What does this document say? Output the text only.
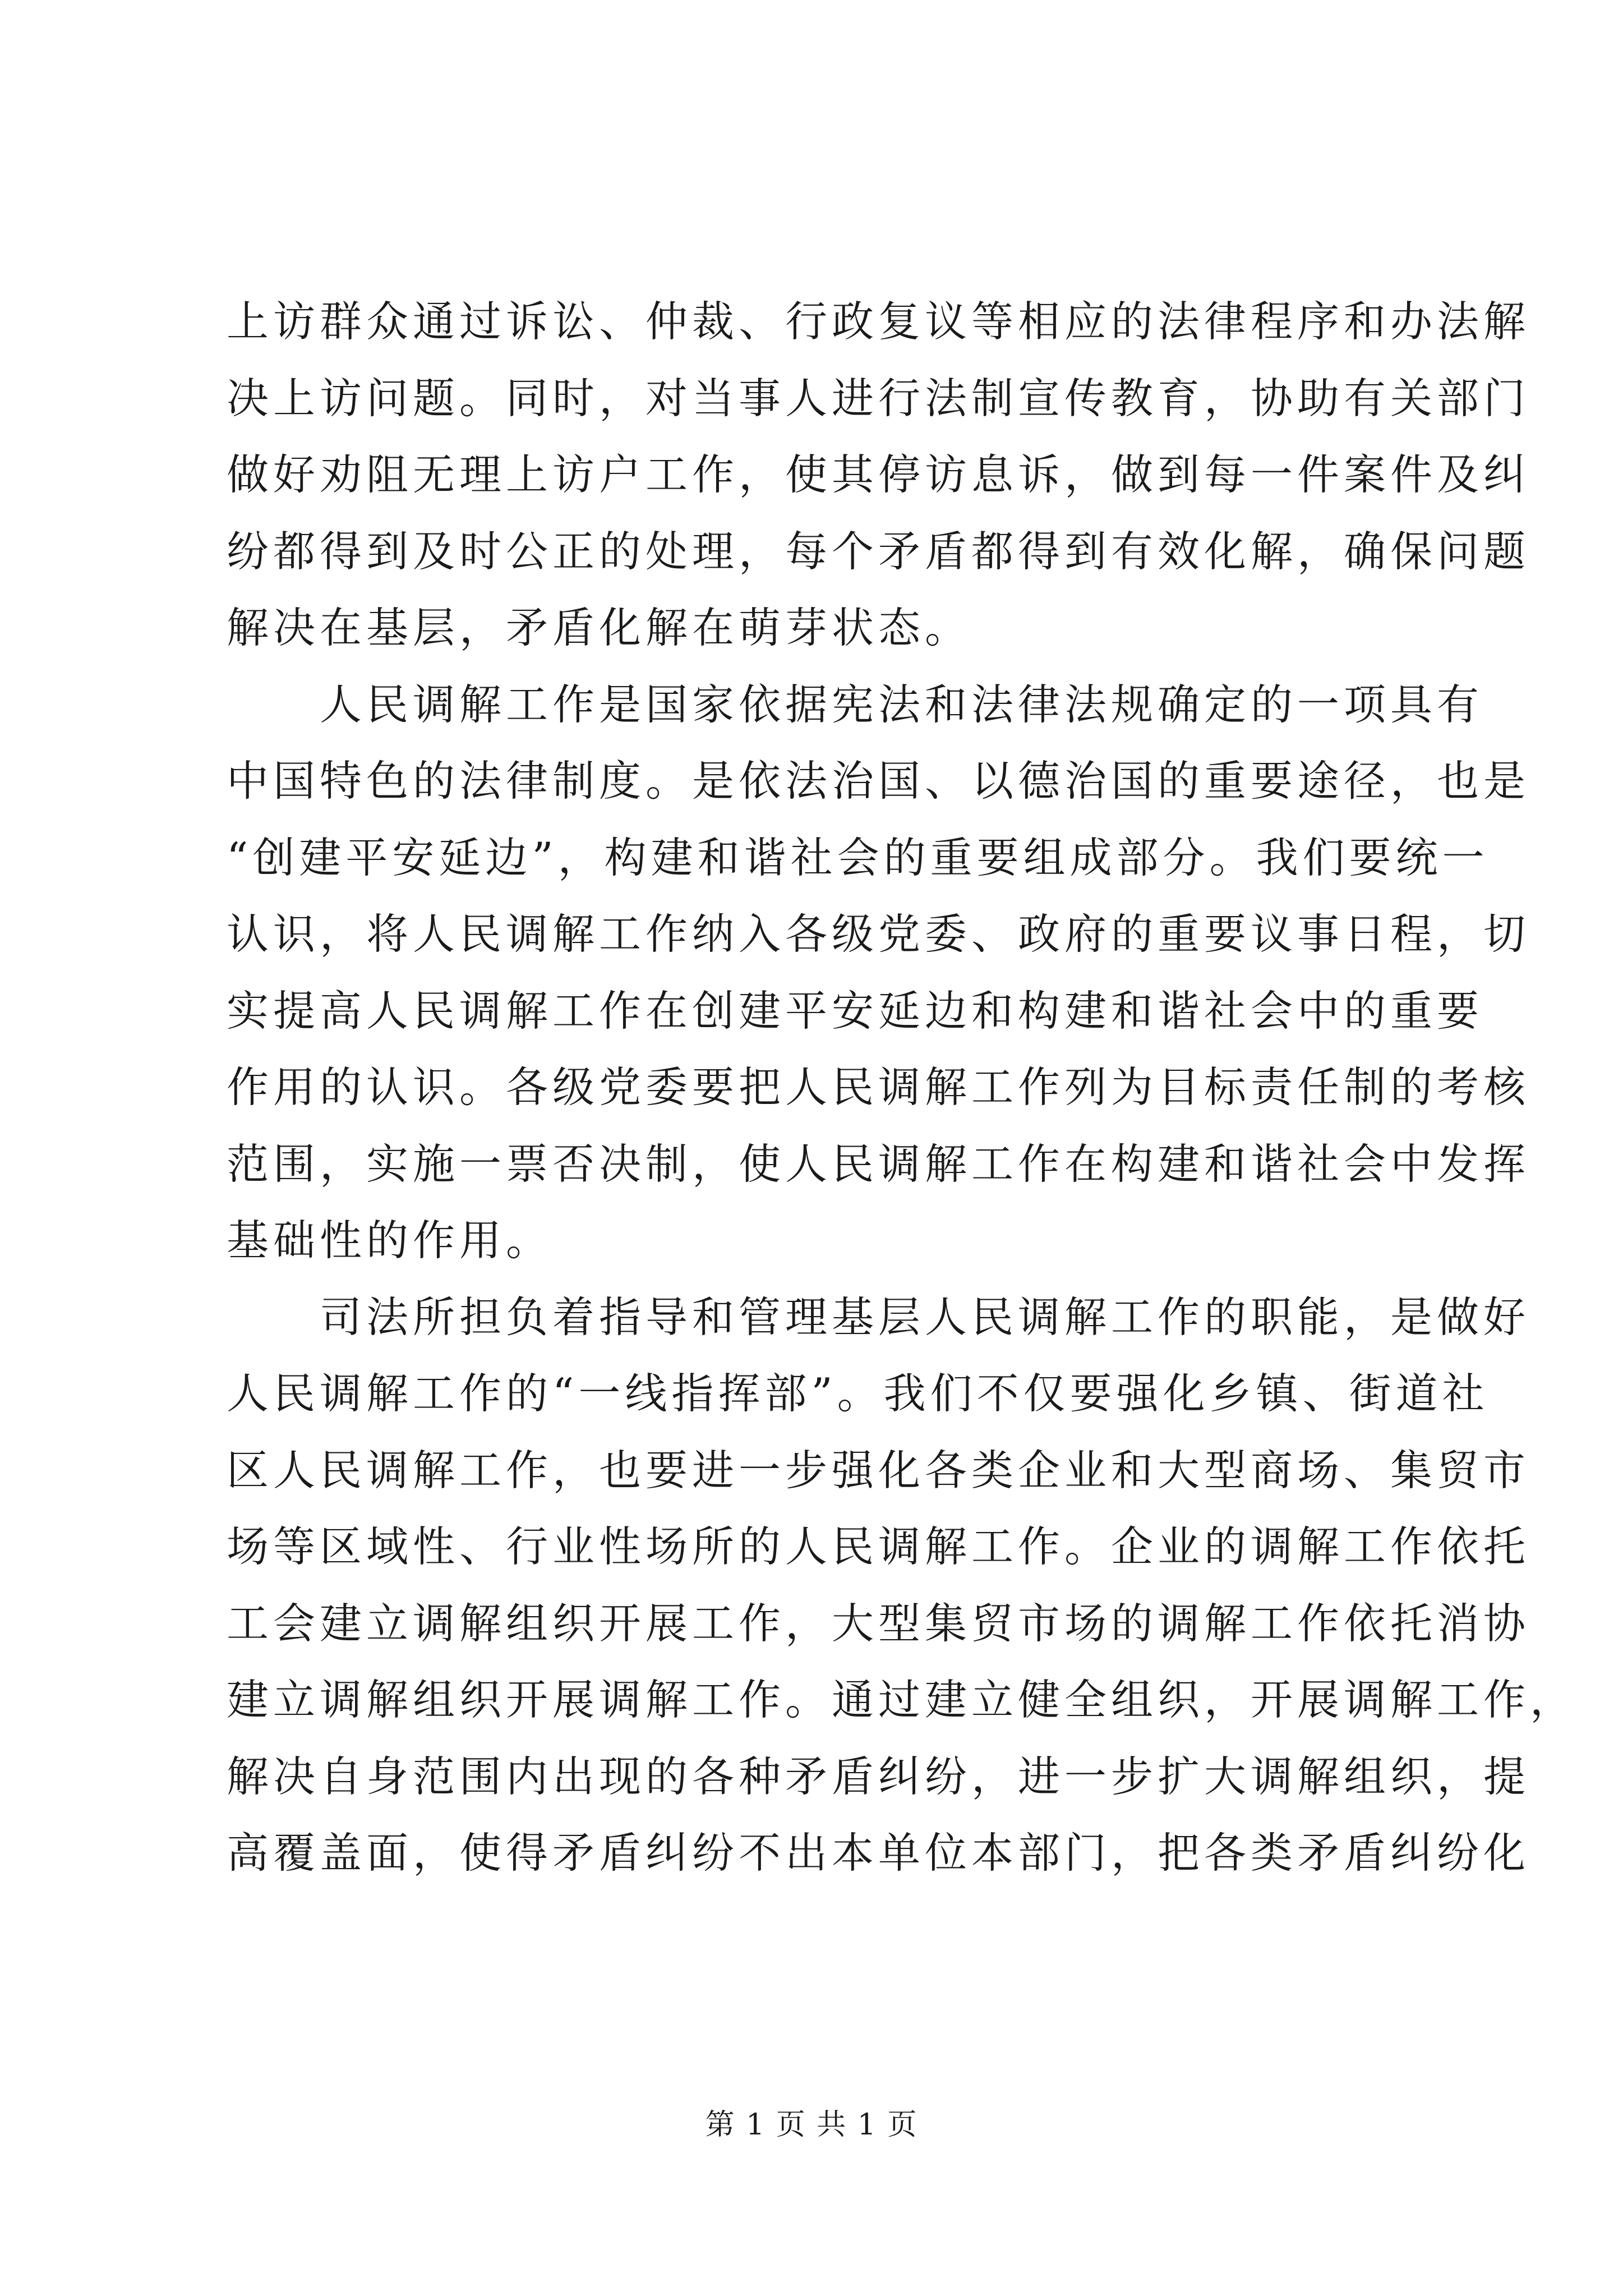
上访群众通过诉讼、仲裁、行政复议等相应的法律程序和办法解
决上访问题。同时，对当事人进行法制宣传教育，协助有关部门
做好劝阻无理上访户工作，使其停访息诉，做到每一件案件及纠
纷都得到及时公正的处理，每个矛盾都得到有效化解，确保问题
解决在基层，矛盾化解在萌芽状态。
人民调解工作是国家依据宪法和法律法规确定的一项具有
中国特色的法律制度。是依法治国、以德治国的重要途径，也是
“创建平安延边”，构建和谐社会的重要组成部分。我们要统一
认识，将人民调解工作纳入各级党委、政府的重要议事日程，切
实提高人民调解工作在创建平安延边和构建和谐社会中的重要
作用的认识。各级党委要把人民调解工作列为目标责任制的考核
范围，实施一票否决制，使人民调解工作在构建和谐社会中发挥
基础性的作用。
司法所担负着指导和管理基层人民调解工作的职能，是做好
人民调解工作的“一线指挥部”。我们不仅要强化乡镇、街道社
区人民调解工作，也要进一步强化各类企业和大型商场、集贸市
场等区域性、行业性场所的人民调解工作。企业的调解工作依托
工会建立调解组织开展工作，大型集贸市场的调解工作依托消协
建立调解组织开展调解工作。通过建立健全组织，开展调解工作，
解决自身范围内出现的各种矛盾纠纷，进一步扩大调解组织，提
高覆盖面，使得矛盾纠纷不出本单位本部门，把各类矛盾纠纷化
第 1 页 共 1 页
